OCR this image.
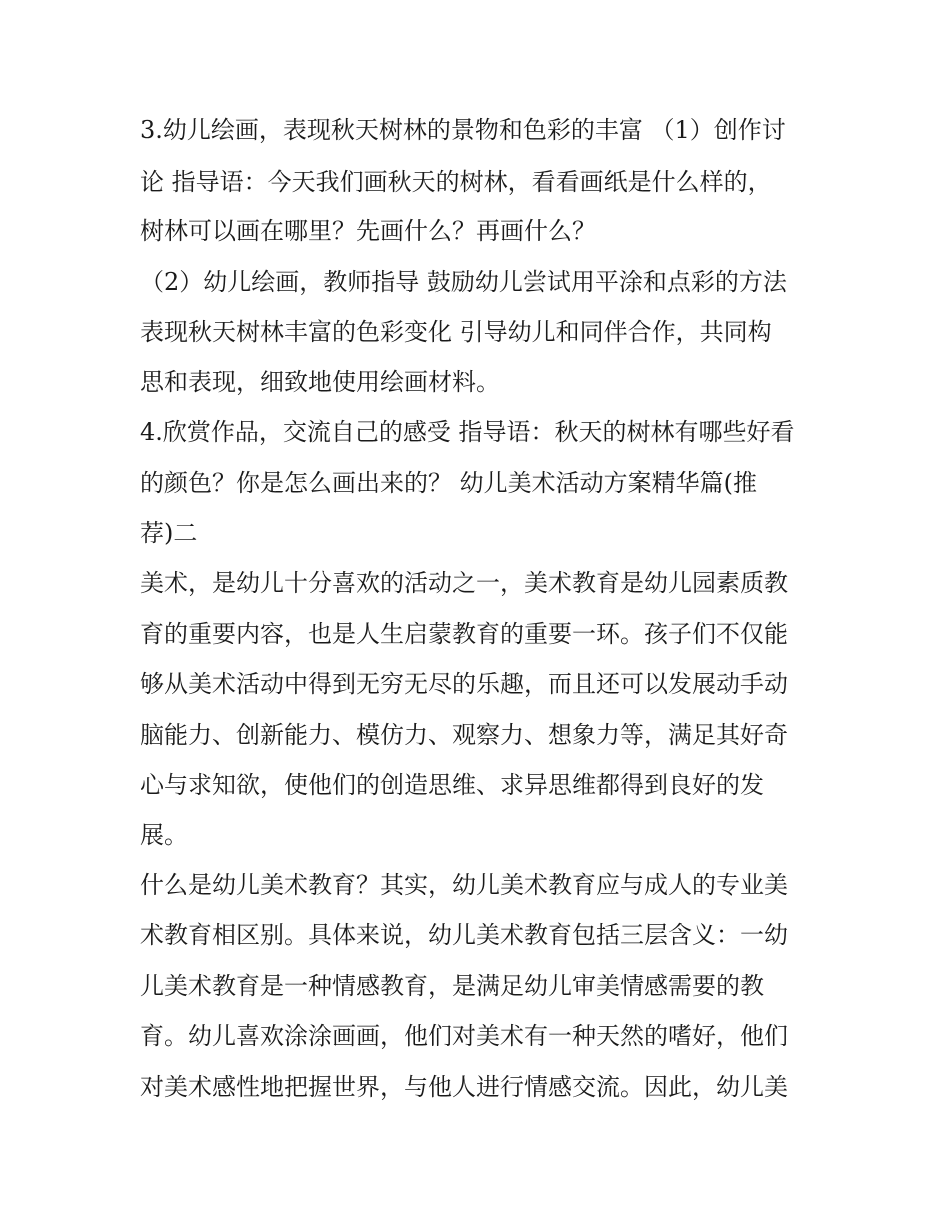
3.幼儿绘画，表现秋天树林的景物和色彩的丰富 （1）创作讨
论 指导语：今天我们画秋天的树林，看看画纸是什么样的，
树林可以画在哪里？先画什么？再画什么？
（2）幼儿绘画，教师指导 鼓励幼儿尝试用平涂和点彩的方法
表现秋天树林丰富的色彩变化 引导幼儿和同伴合作，共同构
思和表现，细致地使用绘画材料。
4.欣赏作品，交流自己的感受 指导语：秋天的树林有哪些好看
的颜色？你是怎么画出来的？ 幼儿美术活动方案精华篇(推
荐)二
美术，是幼儿十分喜欢的活动之一，美术教育是幼儿园素质教
育的重要内容，也是人生启蒙教育的重要一环。孩子们不仅能
够从美术活动中得到无穷无尽的乐趣，而且还可以发展动手动
脑能力、创新能力、模仿力、观察力、想象力等，满足其好奇
心与求知欲，使他们的创造思维、求异思维都得到良好的发
展。
什么是幼儿美术教育？其实，幼儿美术教育应与成人的专业美
术教育相区别。具体来说，幼儿美术教育包括三层含义：一幼
儿美术教育是一种情感教育，是满足幼儿审美情感需要的教
育。幼儿喜欢涂涂画画，他们对美术有一种天然的嗜好，他们
对美术感性地把握世界，与他人进行情感交流。因此，幼儿美
